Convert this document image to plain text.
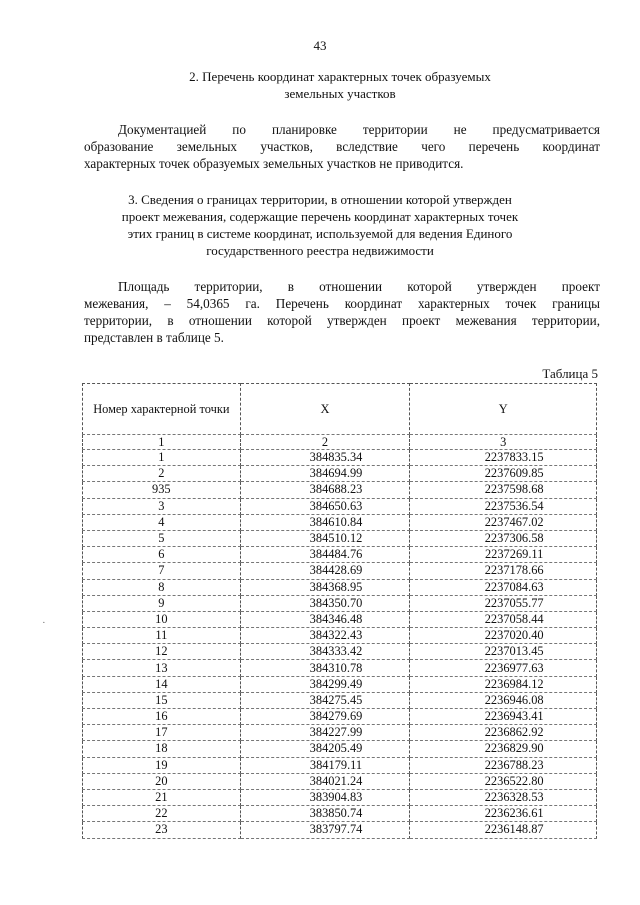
43
2. Перечень координат характерных точек образуемых
земельных участков
Документацией по планировке территории не предусматривается
образование земельных участков, вследствие чего перечень координат
характерных точек образуемых земельных участков не приводится.
3. Сведения о границах территории, в отношении которой утвержден
проект межевания, содержащие перечень координат характерных точек
этих границ в системе координат, используемой для ведения Единого
государственного реестра недвижимости
Площадь территории, в отношении которой утвержден проект
межевания, – 54,0365 га. Перечень координат характерных точек границы
территории, в отношении которой утвержден проект межевания территории,
представлен в таблице 5.
Таблица 5
Номер характерной точки	X	Y
1	2	3
1	384835.34	2237833.15
2	384694.99	2237609.85
935	384688.23	2237598.68
3	384650.63	2237536.54
4	384610.84	2237467.02
5	384510.12	2237306.58
6	384484.76	2237269.11
7	384428.69	2237178.66
8	384368.95	2237084.63
9	384350.70	2237055.77
10	384346.48	2237058.44
11	384322.43	2237020.40
12	384333.42	2237013.45
13	384310.78	2236977.63
14	384299.49	2236984.12
15	384275.45	2236946.08
16	384279.69	2236943.41
17	384227.99	2236862.92
18	384205.49	2236829.90
19	384179.11	2236788.23
20	384021.24	2236522.80
21	383904.83	2236328.53
22	383850.74	2236236.61
23	383797.74	2236148.87
·
